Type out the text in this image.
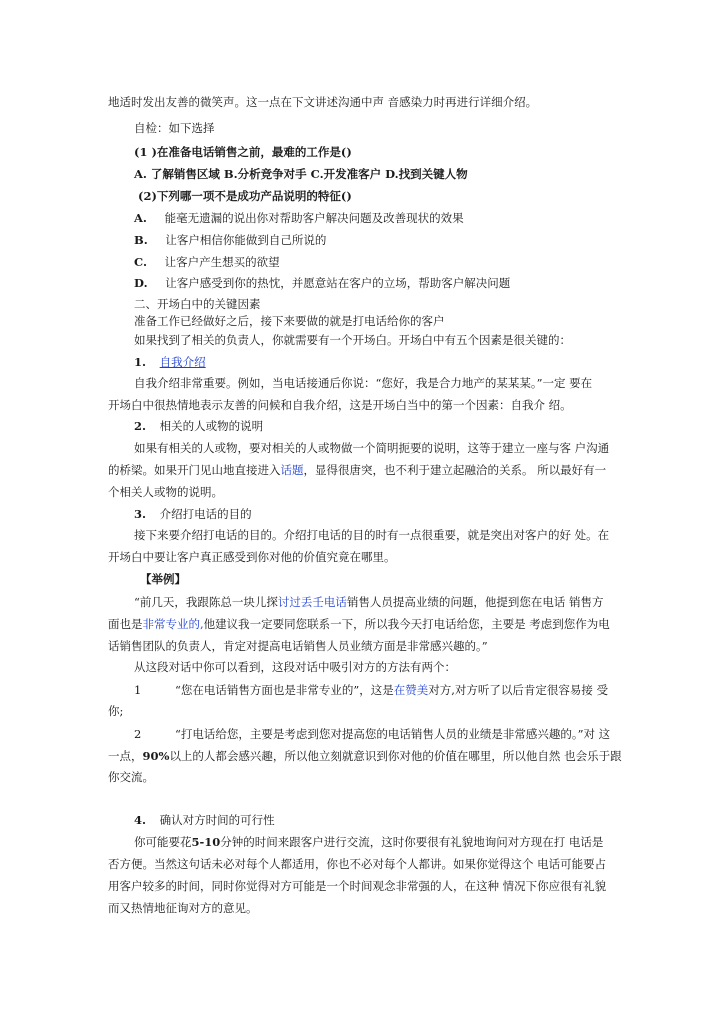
地适时发出友善的微笑声。这一点在下文讲述沟通中声 音感染力时再进行详细介绍。
自检：如下选择
(1 )在准备电话销售之前，最难的工作是()
A. 了解销售区域 B.分析竞争对手 C.开发准客户 D.找到关键人物
(2)下列哪一项不是成功产品说明的特征()
A. 能毫无遗漏的说出你对帮助客户解决问题及改善现状的效果
B. 让客户相信你能做到自己所说的
C. 让客户产生想买的欲望
D. 让客户感受到你的热忱，并愿意站在客户的立场，帮助客户解决问题
二、开场白中的关键因素
准备工作已经做好之后，接下来要做的就是打电话给你的客户
如果找到了相关的负责人，你就需要有一个开场白。开场白中有五个因素是很关键的：
1. 自我介绍
自我介绍非常重要。例如，当电话接通后你说：“您好，我是合力地产的某某某。”一定 要在
开场白中很热情地表示友善的问候和自我介绍，这是开场白当中的第一个因素：自我介 绍。
2. 相关的人或物的说明
如果有相关的人或物，要对相关的人或物做一个简明扼要的说明，这等于建立一座与客 户沟通
的桥梁。如果开门见山地直接进入话题，显得很唐突，也不利于建立起融洽的关系。 所以最好有一
个相关人或物的说明。
3. 介绍打电话的目的
接下来要介绍打电话的目的。介绍打电话的目的时有一点很重要，就是突出对客户的好 处。在
开场白中要让客户真正感受到你对他的价值究竟在哪里。
【举例】
“前几天，我跟陈总一块儿探讨过丢壬电话销售人员提高业绩的问题，他提到您在电话 销售方
面也是非常专业的,他建议我一定要同您联系一下，所以我今天打电话给您，主要是 考虑到您作为电
话销售团队的负责人，肯定对提高电话销售人员业绩方面是非常感兴趣的。”
从这段对话中你可以看到，这段对话中吸引对方的方法有两个：
1	“您在电话销售方面也是非常专业的”，这是在赞美对方,对方听了以后肯定很容易接 受
你;
2	“打电话给您，主要是考虑到您对提高您的电话销售人员的业绩是非常感兴趣的。”对 这
一点，90%以上的人都会感兴趣，所以他立刻就意识到你对他的价值在哪里，所以他自然 也会乐于跟
你交流。
4. 确认对方时间的可行性
你可能要花5-10分钟的时间来跟客户进行交流，这时你要很有礼貌地询问对方现在打 电话是
否方便。当然这句话未必对每个人都适用，你也不必对每个人都讲。如果你觉得这个 电话可能要占
用客户较多的时间，同时你觉得对方可能是一个时间观念非常强的人，在这种 情况下你应很有礼貌
而又热情地征询对方的意见。
